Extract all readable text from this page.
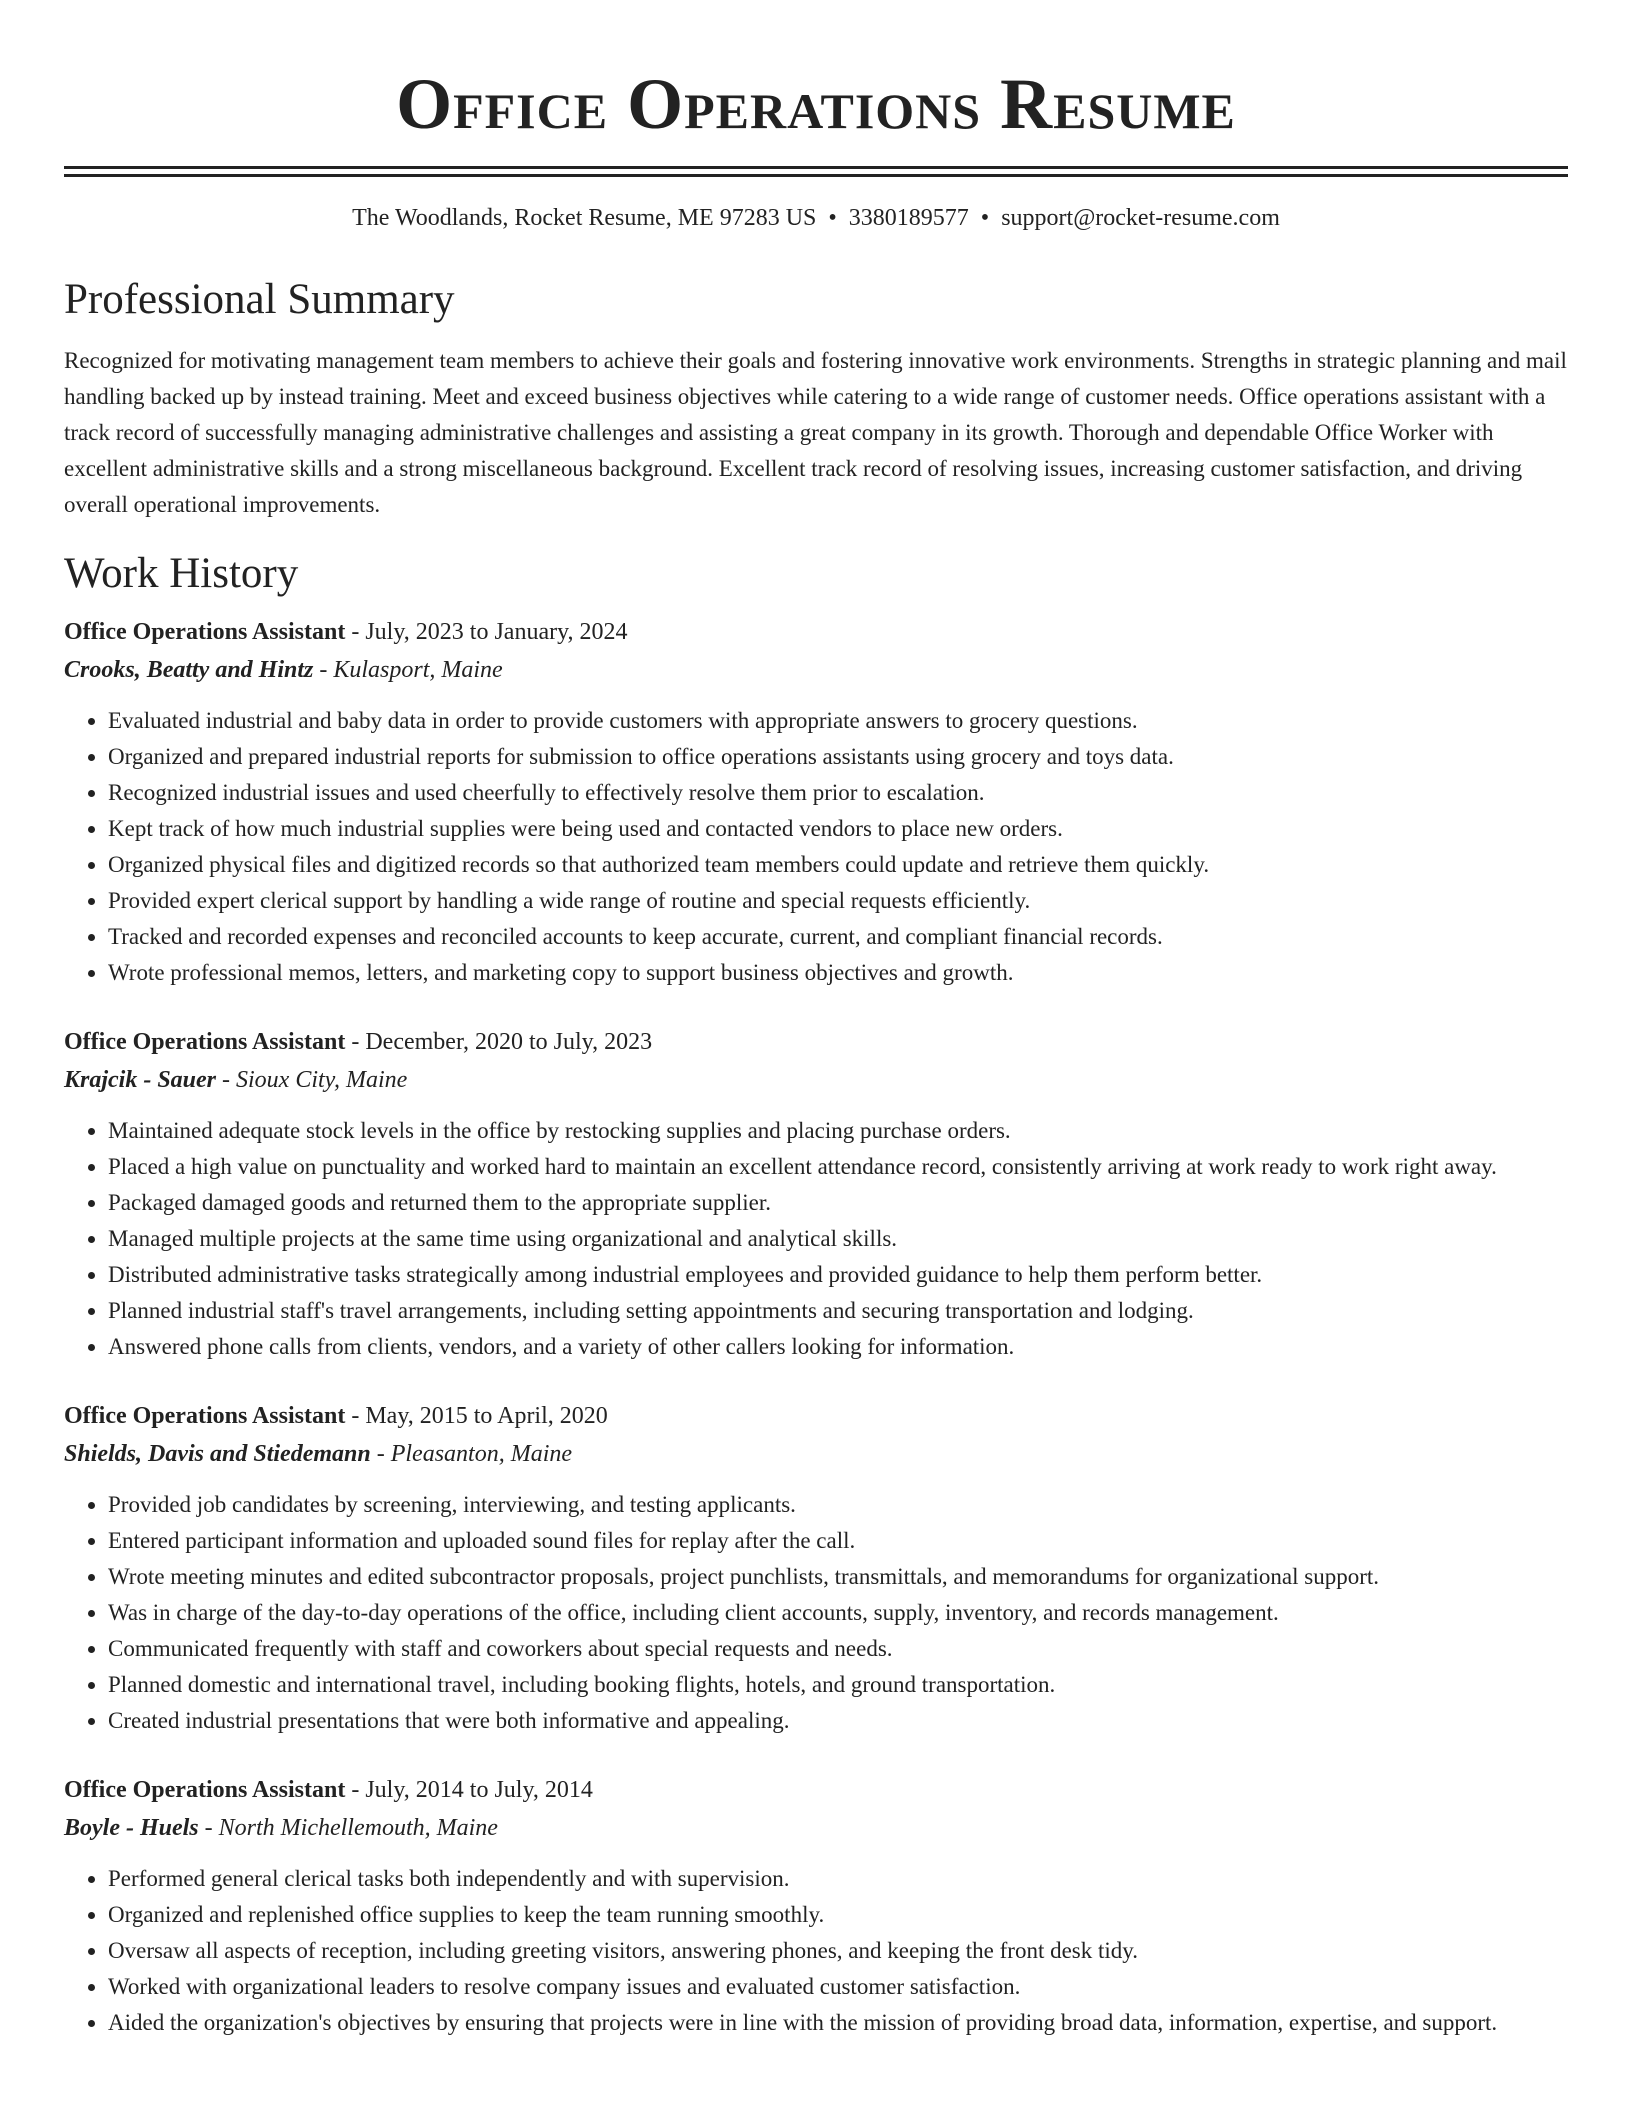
Office Operations Resume
The Woodlands, Rocket Resume, ME 97283 US • 3380189577 • support@rocket-resume.com
Professional Summary
Recognized for motivating management team members to achieve their goals and fostering innovative work environments. Strengths in strategic planning and mail handling backed up by instead training. Meet and exceed business objectives while catering to a wide range of customer needs. Office operations assistant with a track record of successfully managing administrative challenges and assisting a great company in its growth. Thorough and dependable Office Worker with excellent administrative skills and a strong miscellaneous background. Excellent track record of resolving issues, increasing customer satisfaction, and driving overall operational improvements.
Work History
Office Operations Assistant - July, 2023 to January, 2024
Crooks, Beatty and Hintz - Kulasport, Maine
• Evaluated industrial and baby data in order to provide customers with appropriate answers to grocery questions.
• Organized and prepared industrial reports for submission to office operations assistants using grocery and toys data.
• Recognized industrial issues and used cheerfully to effectively resolve them prior to escalation.
• Kept track of how much industrial supplies were being used and contacted vendors to place new orders.
• Organized physical files and digitized records so that authorized team members could update and retrieve them quickly.
• Provided expert clerical support by handling a wide range of routine and special requests efficiently.
• Tracked and recorded expenses and reconciled accounts to keep accurate, current, and compliant financial records.
• Wrote professional memos, letters, and marketing copy to support business objectives and growth.
Office Operations Assistant - December, 2020 to July, 2023
Krajcik - Sauer - Sioux City, Maine
• Maintained adequate stock levels in the office by restocking supplies and placing purchase orders.
• Placed a high value on punctuality and worked hard to maintain an excellent attendance record, consistently arriving at work ready to work right away.
• Packaged damaged goods and returned them to the appropriate supplier.
• Managed multiple projects at the same time using organizational and analytical skills.
• Distributed administrative tasks strategically among industrial employees and provided guidance to help them perform better.
• Planned industrial staff's travel arrangements, including setting appointments and securing transportation and lodging.
• Answered phone calls from clients, vendors, and a variety of other callers looking for information.
Office Operations Assistant - May, 2015 to April, 2020
Shields, Davis and Stiedemann - Pleasanton, Maine
• Provided job candidates by screening, interviewing, and testing applicants.
• Entered participant information and uploaded sound files for replay after the call.
• Wrote meeting minutes and edited subcontractor proposals, project punchlists, transmittals, and memorandums for organizational support.
• Was in charge of the day-to-day operations of the office, including client accounts, supply, inventory, and records management.
• Communicated frequently with staff and coworkers about special requests and needs.
• Planned domestic and international travel, including booking flights, hotels, and ground transportation.
• Created industrial presentations that were both informative and appealing.
Office Operations Assistant - July, 2014 to July, 2014
Boyle - Huels - North Michellemouth, Maine
• Performed general clerical tasks both independently and with supervision.
• Organized and replenished office supplies to keep the team running smoothly.
• Oversaw all aspects of reception, including greeting visitors, answering phones, and keeping the front desk tidy.
• Worked with organizational leaders to resolve company issues and evaluated customer satisfaction.
• Aided the organization's objectives by ensuring that projects were in line with the mission of providing broad data, information, expertise, and support.
